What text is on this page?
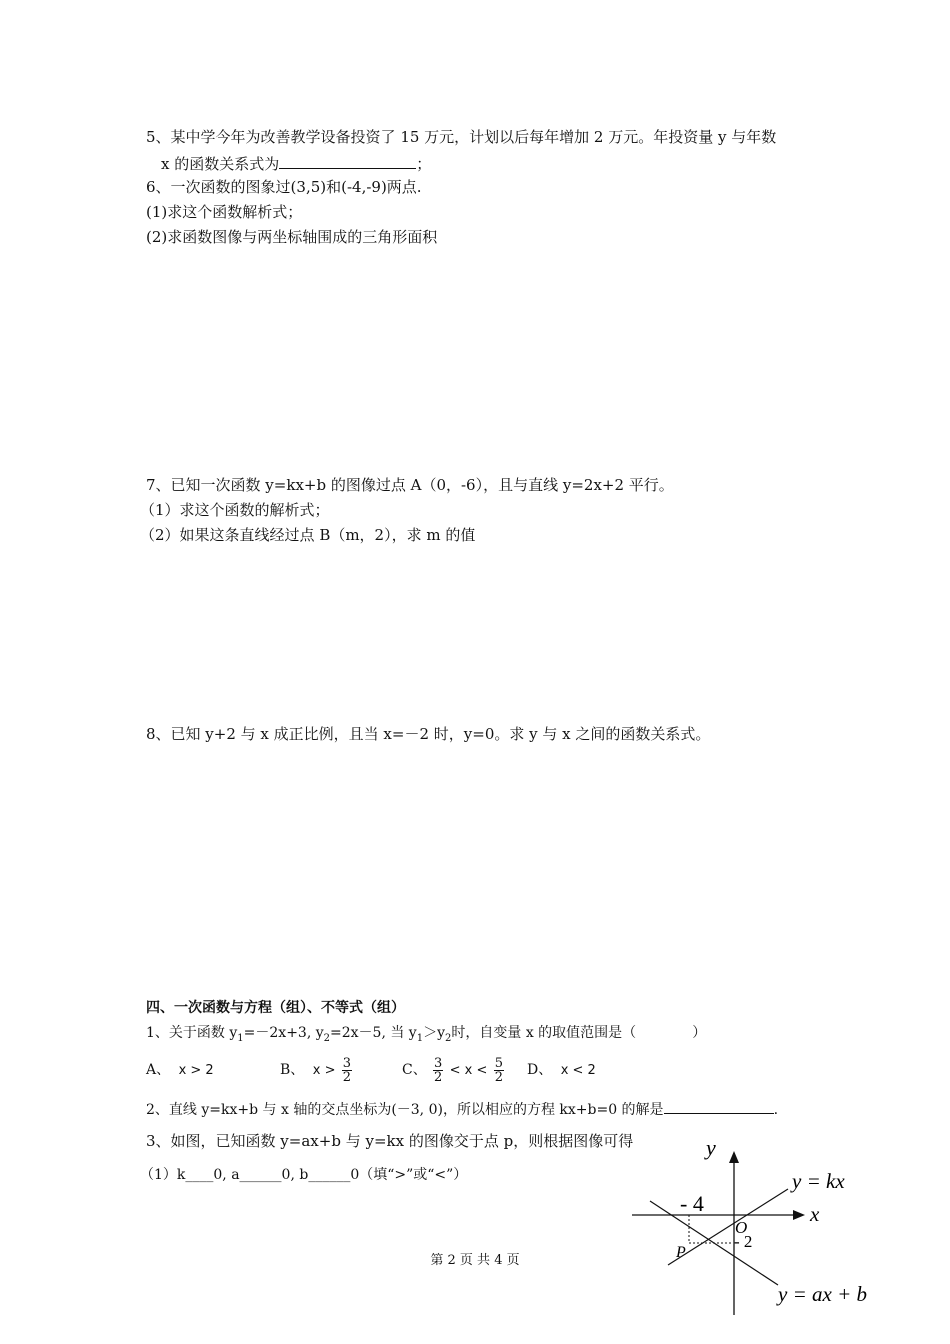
5、某中学今年为改善教学设备投资了 15 万元，计划以后每年增加 2 万元。年投资量 y 与年数
x 的函数关系式为	；
6、一次函数的图象过(3,5)和(-4,-9)两点.
(1)求这个函数解析式；
(2)求函数图像与两坐标轴围成的三角形面积
7、已知一次函数 y=kx+b 的图像过点 A（0，-6），且与直线 y=2x+2 平行。
（1）求这个函数的解析式；
（2）如果这条直线经过点 B（m，2），求 m 的值
8、已知 y+2 与 x 成正比例，且当 x=－2 时，y=0。求 y 与 x 之间的函数关系式。
四、一次函数与方程（组）、不等式（组）
1、关于函数 $y_1=-2x+3$, $y_2=2x-5$, 当 $y_1>y_2$时，自变量 x 的取值范围是（	）
A、 x > 2	B、 $x > \frac{3}{2}$	C、 $\frac{3}{2} < x < \frac{5}{2}$ D、 x < 2
2、直线 y=kx+b 与 x 轴的交点坐标为(－3, 0)，所以相应的方程 kx+b=0 的解是	.
3、如图，已知函数 y=ax+b 与 y=kx 的图像交于点 p，则根据图像可得
（1）k____0, a______0, b______0（填“>”或“<”）
y
x
y = kx
y = ax + b
- 4
O
- 2
P
第 2 页 共 4 页
